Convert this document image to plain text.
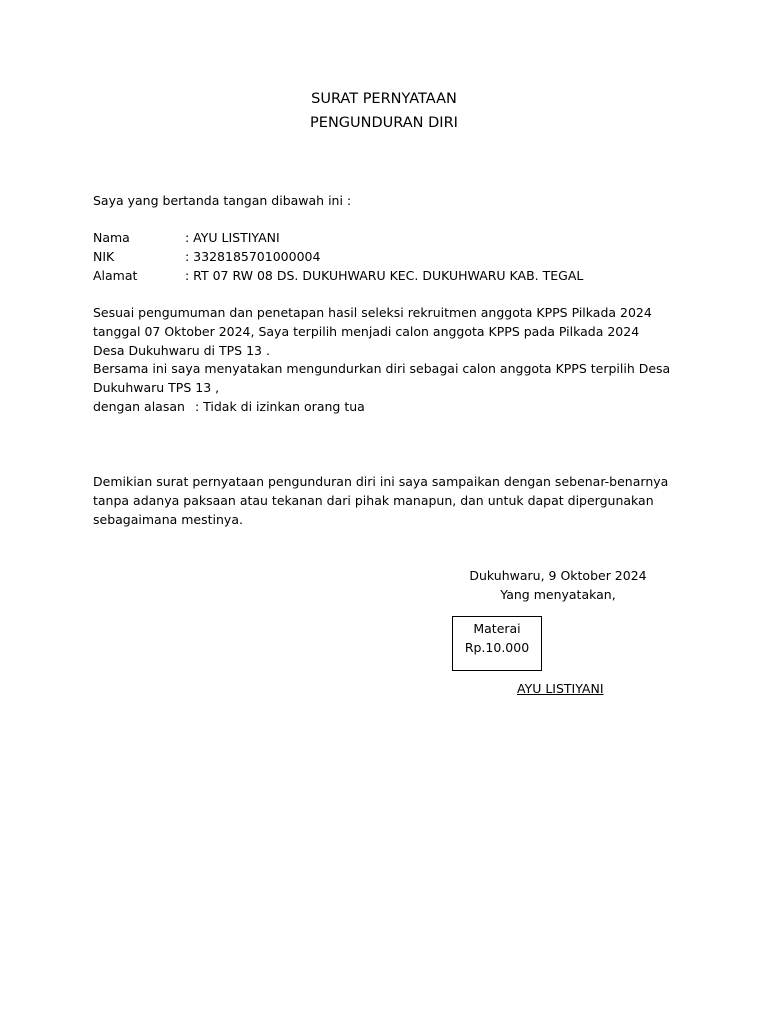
SURAT PERNYATAAN
PENGUNDURAN DIRI
Saya yang bertanda tangan dibawah ini :
Nama	: AYU LISTIYANI
NIK	: 3328185701000004
Alamat	: RT 07 RW 08 DS. DUKUHWARU KEC. DUKUHWARU KAB. TEGAL

Sesuai pengumuman dan penetapan hasil seleksi rekruitmen anggota KPPS Pilkada 2024 tanggal 07 Oktober 2024, Saya terpilih menjadi calon anggota KPPS pada Pilkada 2024 Desa Dukuhwaru di TPS 13 .

Bersama ini saya menyatakan mengundurkan diri sebagai calon anggota KPPS terpilih Desa Dukuhwaru TPS 13 ,

dengan alasan : Tidak di izinkan orang tua

Demikian surat pernyataan pengunduran diri ini saya sampaikan dengan sebenar-benarnya tanpa adanya paksaan atau tekanan dari pihak manapun, dan untuk dapat dipergunakan sebagaimana mestinya.

Dukuhwaru, 9 Oktober 2024
Yang menyatakan,
Materai
Rp.10.000
AYU LISTIYANI
